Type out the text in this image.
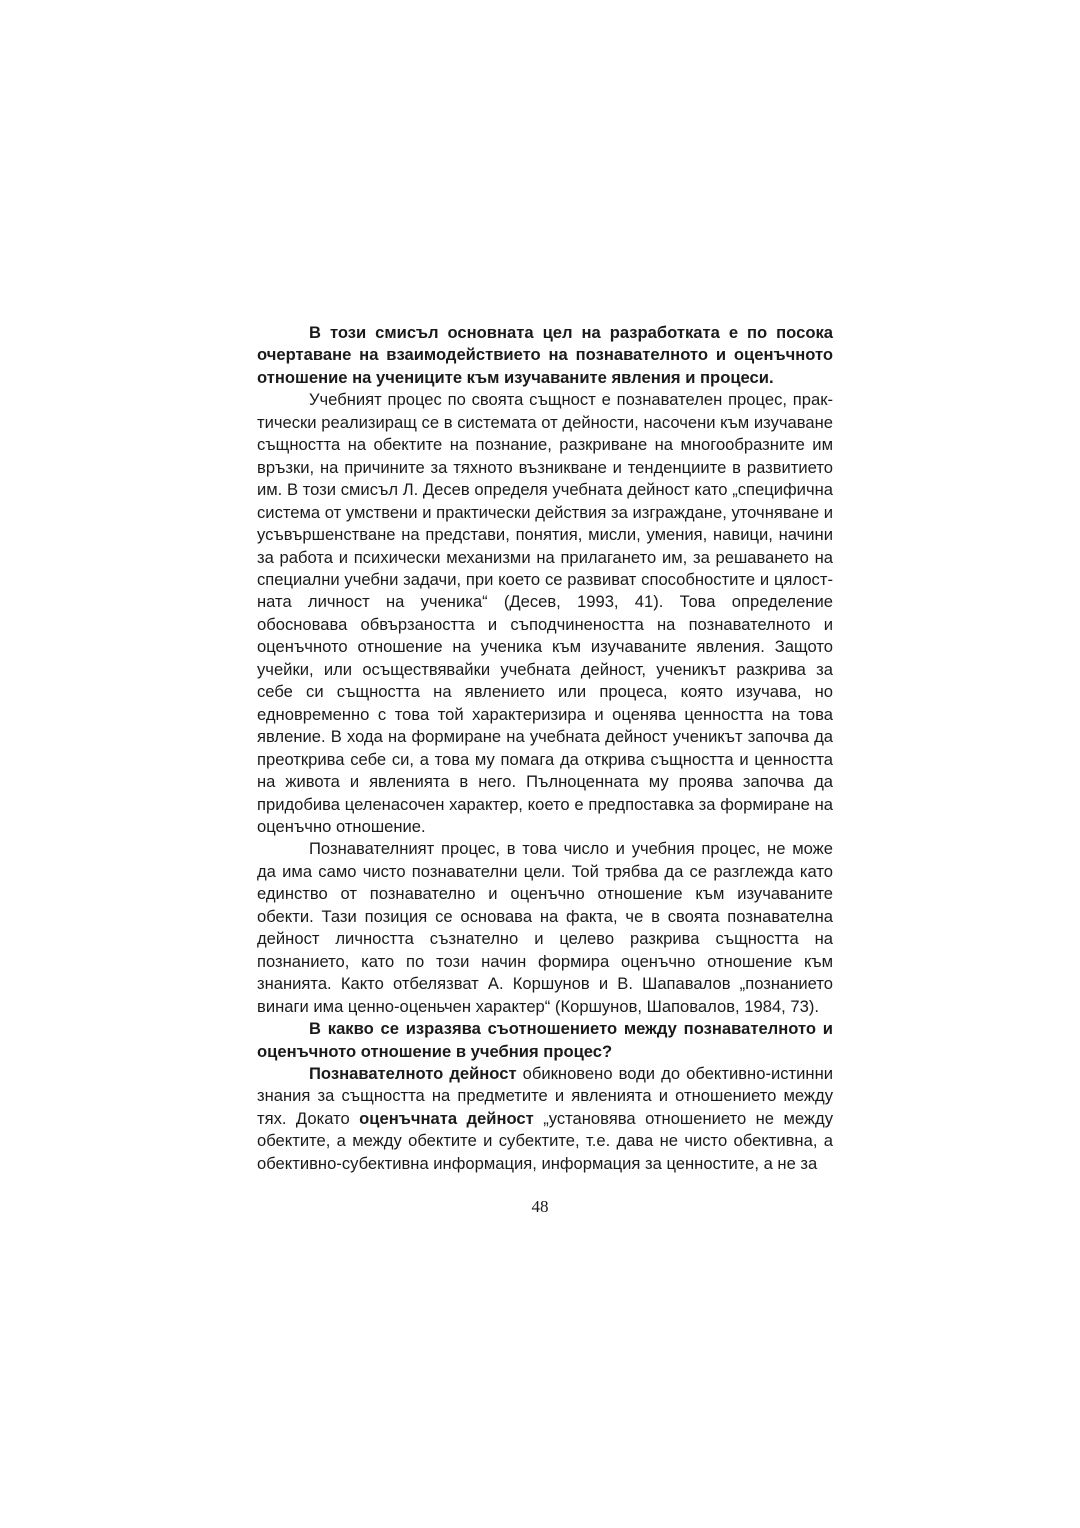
В този смисъл основната цел на разработката е по посока очертаване на взаимодействието на познавателното и оценъчното отношение на учениците към изучаваните явления и процеси.

Учебният процес по своята същност е познавателен процес, практически реализиращ се в системата от дейности, насочени към изучаване същността на обектите на познание, разкриване на многообразните им връзки, на причините за тяхното възникване и тенденциите в развитието им. В този смисъл Л. Десев определя учебната дейност като „специфична система от умствени и практически действия за изграждане, уточняване и усъвършенстване на представи, понятия, мисли, умения, навици, начини за работа и психически механизми на прилагането им, за решаването на специални учебни задачи, при което се развиват способностите и цялостната личност на ученика“ (Десев, 1993, 41). Това определение обосновава обвързаността и съподчинеността на познавателното и оценъчното отношение на ученика към изучаваните явления. Защото учейки, или осъществявайки учебната дейност, ученикът разкрива за себе си същността на явлението или процеса, която изучава, но едновременно с това той характеризира и оценява ценността на това явление. В хода на формиране на учебната дейност ученикът започва да преоткрива себе си, а това му помага да открива същността и ценността на живота и явленията в него. Пълноценната му проява започва да придобива целенасочен характер, което е предпоставка за формиране на оценъчно отношение.

Познавателният процес, в това число и учебния процес, не може да има само чисто познавателни цели. Той трябва да се разглежда като единство от познавателно и оценъчно отношение към изучаваните обекти. Тази позиция се основава на факта, че в своята познавателна дейност личността съзнателно и целево разкрива същността на познанието, като по този начин формира оценъчно отношение към знанията. Както отбелязват А. Коршунов и В. Шапавалов „познанието винаги има ценно-оценьчен характер“ (Коршунов, Шаповалов, 1984, 73).

В какво се изразява съотношението между познавателното и оценъчното отношение в учебния процес?

Познавателното дейност обикновено води до обективно-истинни знания за същността на предметите и явленията и отношението между тях. Докато оценъчната дейност „установява отношението не между обектите, а между обектите и субектите, т.е. дава не чисто обективна, а обективно-субективна информация, информация за ценностите, а не за

48
